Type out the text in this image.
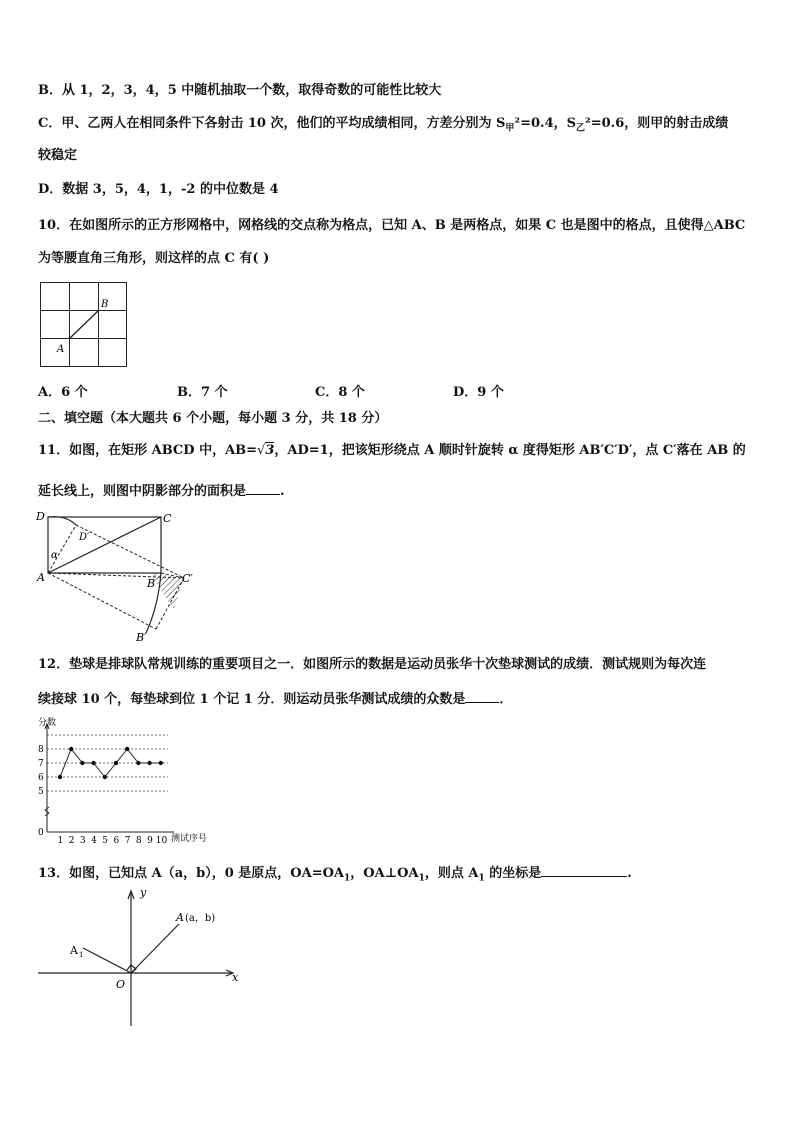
B．从 1，2，3，4，5 中随机抽取一个数，取得奇数的可能性比较大
C．甲、乙两人在相同条件下各射击 10 次，他们的平均成绩相同，方差分别为 $S_甲^2=0.4$，$S_乙^2=0.6$，则甲的射击成绩
较稳定
D．数据 3，5，4，1，-2 的中位数是 4
10．在如图所示的正方形网格中，网格线的交点称为格点，已知 A、B 是两格点，如果 C 也是图中的格点，且使得△ABC
为等腰直角三角形，则这样的点 C 有( )
A
B
A．6 个	B．7 个	C．8 个	D．9 个
二、填空题（本大题共 6 个小题，每小题 3 分，共 18 分）
11．如图，在矩形 ABCD 中，AB=√3，AD=1，把该矩形绕点 A 顺时针旋转 α 度得矩形 AB′C′D′，点 C′落在 AB 的
延长线上，则图中阴影部分的面积是	.
D	C
D′
α
A	B C′
B′
12．垫球是排球队常规训练的重要项目之一．如图所示的数据是运动员张华十次垫球测试的成绩．测试规则为每次连
续接球 10 个，每垫球到位 1 个记 1 分．则运动员张华测试成绩的众数是	．
0
5
6
7
8
1 2 3 4 5 6 7 8 9 10
分数
测试序号
13．如图，已知点 A（a，b），0 是原点，$OA=OA_1$，$OA\perp OA_1$，则点 $A_1$ 的坐标是	.
y
x
O
A (a，b)
A 1
